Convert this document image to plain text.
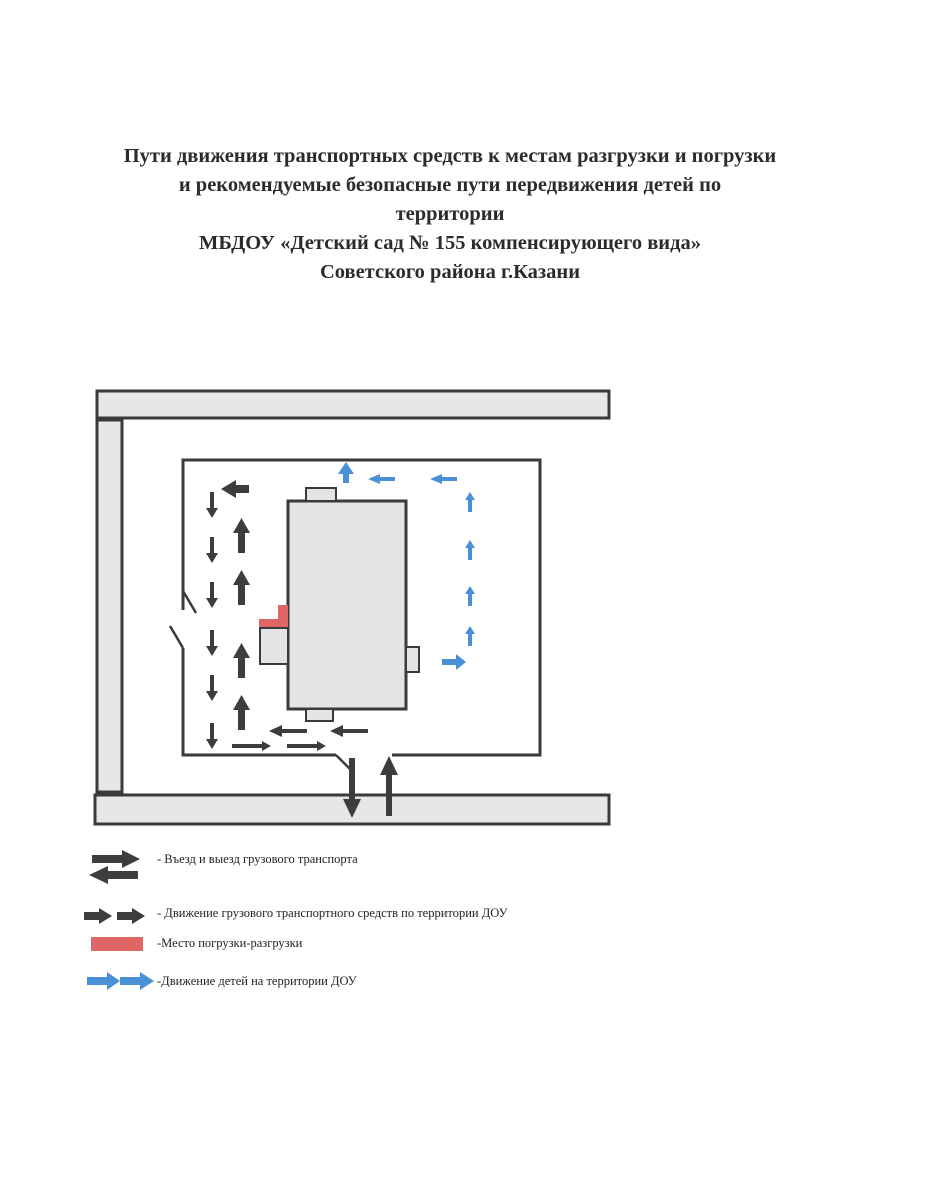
Пути движения транспортных средств к местам разгрузки и погрузки
и рекомендуемые безопасные пути передвижения детей по
территории
МБДОУ «Детский сад № 155 компенсирующего вида»
Советского района г.Казани
- Въезд и выезд грузового транспорта
- Движение грузового транспортного средств по территории ДОУ
-Место погрузки-разгрузки
-Движение детей на территории ДОУ
